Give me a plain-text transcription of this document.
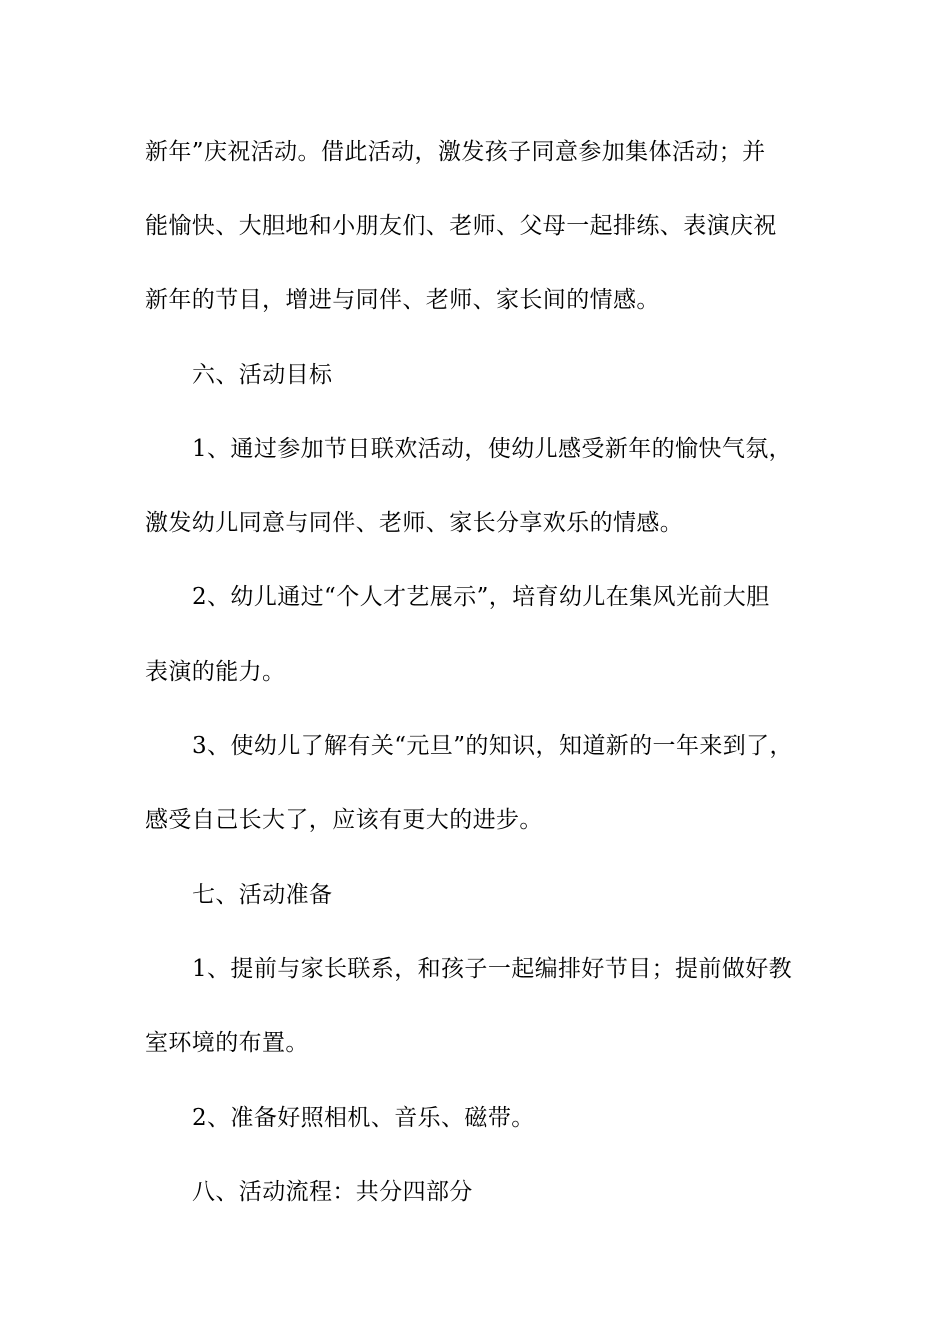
新年”庆祝活动。借此活动，激发孩子同意参加集体活动；并
能愉快、大胆地和小朋友们、老师、父母一起排练、表演庆祝
新年的节目，增进与同伴、老师、家长间的情感。
六、活动目标
1、通过参加节日联欢活动，使幼儿感受新年的愉快气氛，
激发幼儿同意与同伴、老师、家长分享欢乐的情感。
2、幼儿通过“个人才艺展示”，培育幼儿在集风光前大胆
表演的能力。
3、使幼儿了解有关“元旦”的知识，知道新的一年来到了，
感受自己长大了，应该有更大的进步。
七、活动准备
1、提前与家长联系，和孩子一起编排好节目；提前做好教
室环境的布置。
2、准备好照相机、音乐、磁带。
八、活动流程：共分四部分
